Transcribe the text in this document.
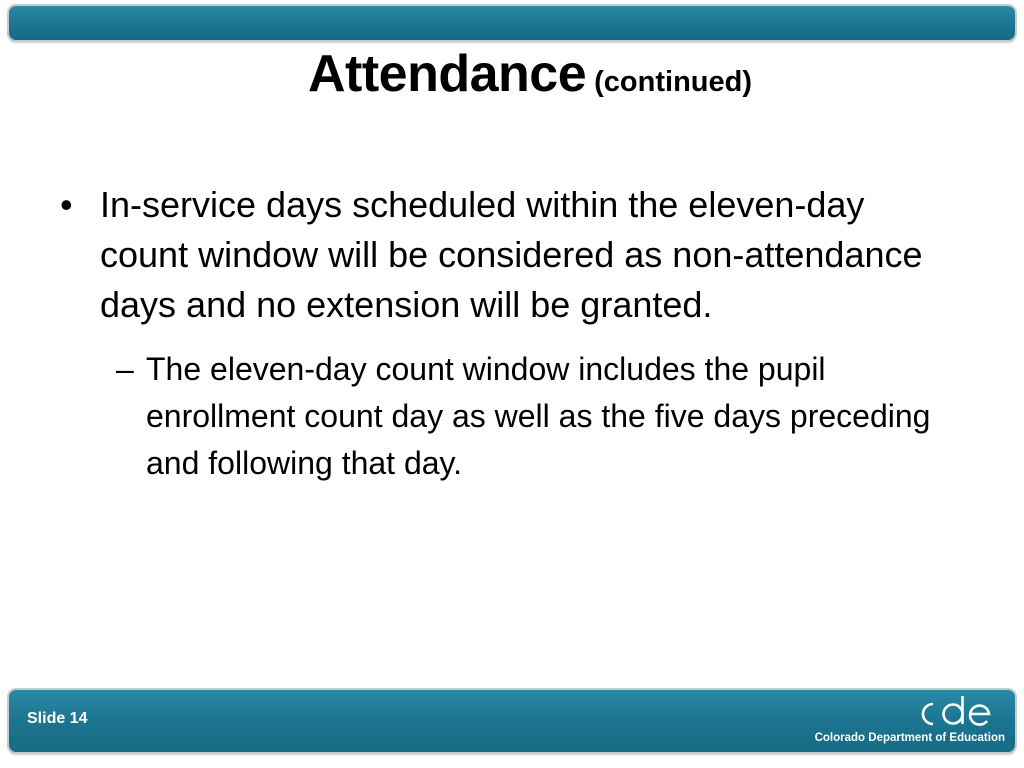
Attendance (continued)
• In-service days scheduled within the eleven-day count window will be considered as non-attendance days and no extension will be granted.
– The eleven-day count window includes the pupil enrollment count day as well as the five days preceding and following that day.
Slide 14
Colorado Department of Education
